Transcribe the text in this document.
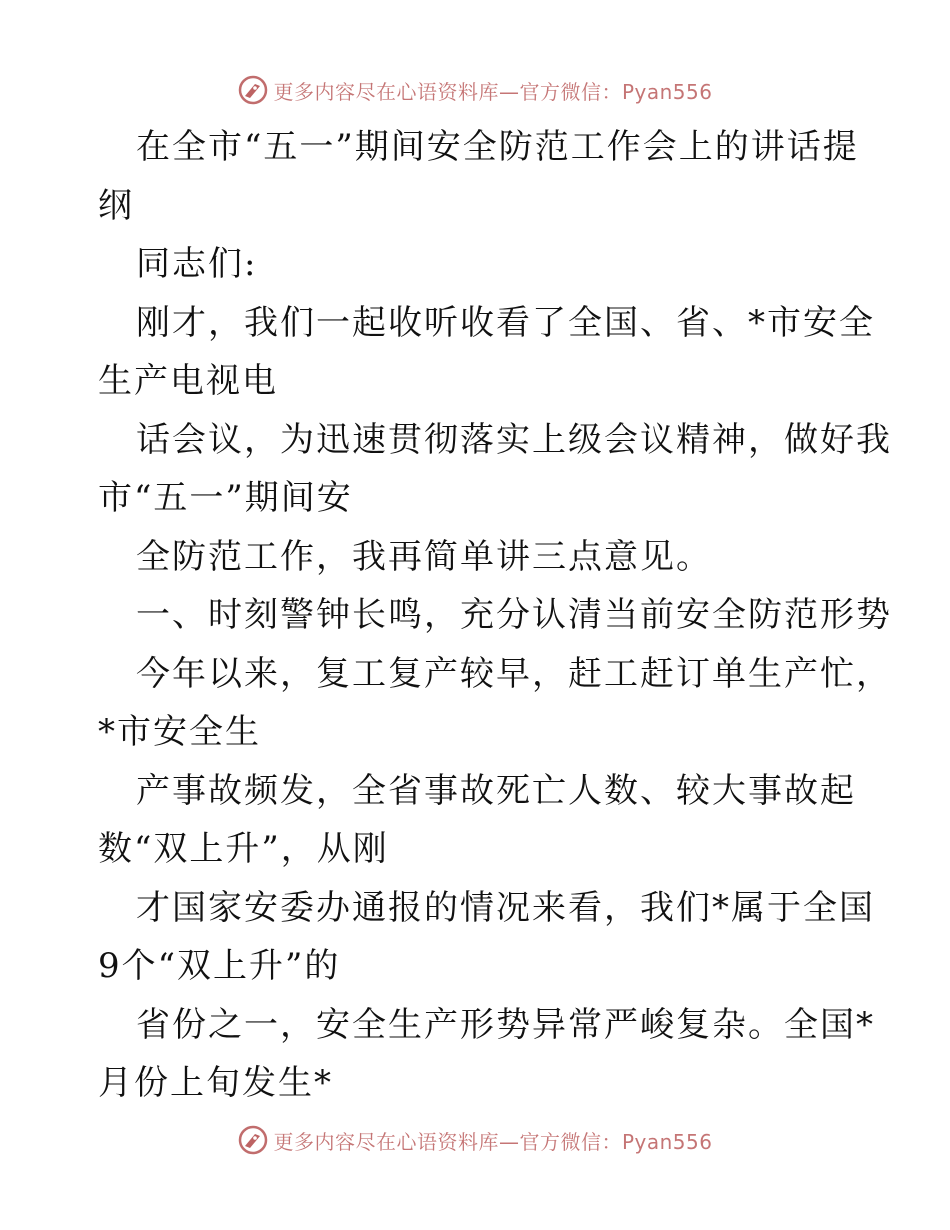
更多内容尽在心语资料库—官方微信：Pyan556
在全市“五一”期间安全防范工作会上的讲话提
纲
同志们:
刚才，我们一起收听收看了全国、省、*市安全
生产电视电
话会议，为迅速贯彻落实上级会议精神，做好我
市“五一”期间安
全防范工作，我再简单讲三点意见。
一、时刻警钟长鸣，充分认清当前安全防范形势
今年以来，复工复产较早，赶工赶订单生产忙，
*市安全生
产事故频发，全省事故死亡人数、较大事故起
数“双上升”，从刚
才国家安委办通报的情况来看，我们*属于全国
9个“双上升”的
省份之一，安全生产形势异常严峻复杂。全国*
月份上旬发生*
更多内容尽在心语资料库—官方微信：Pyan556
